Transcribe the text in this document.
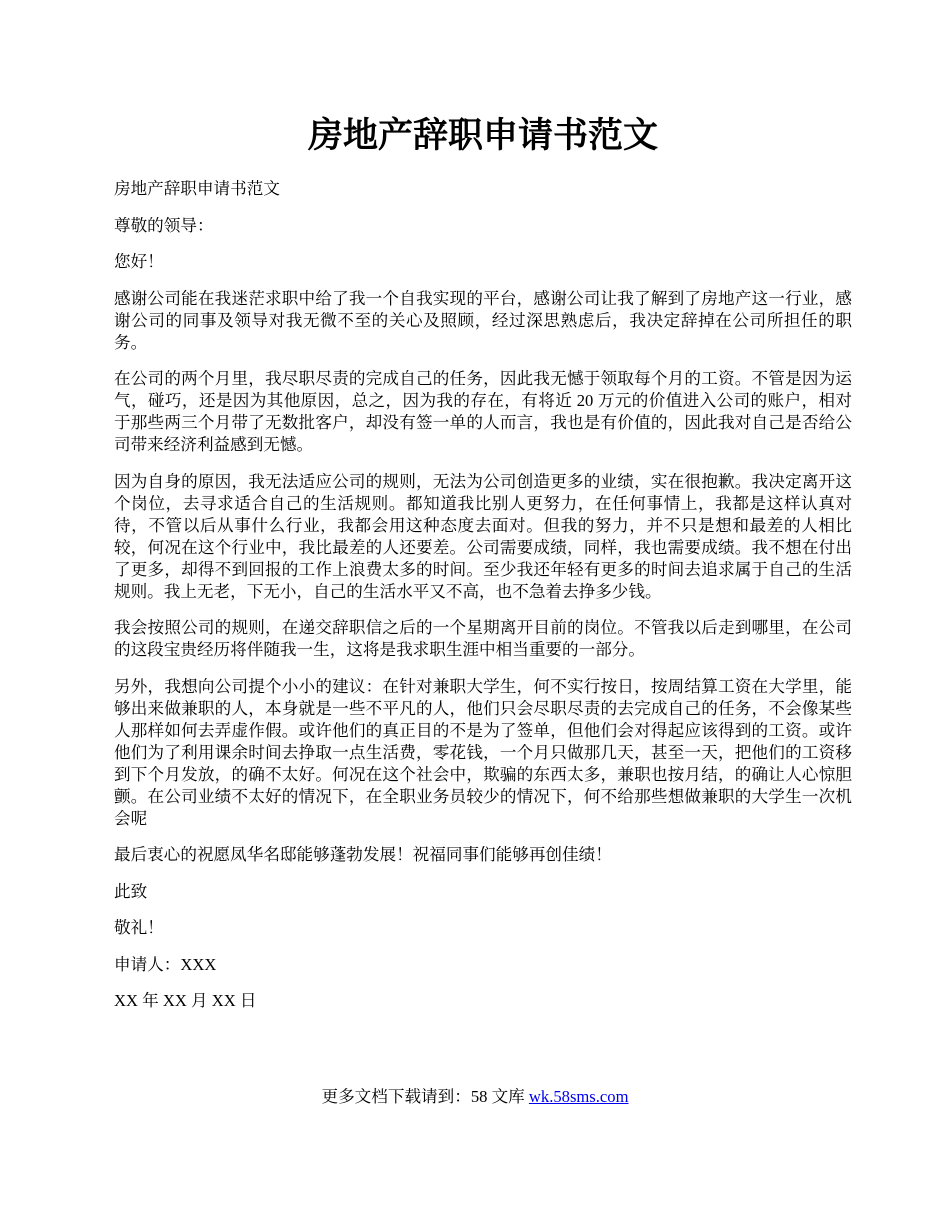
房地产辞职申请书范文

房地产辞职申请书范文

尊敬的领导：

您好！

感谢公司能在我迷茫求职中给了我一个自我实现的平台，感谢公司让我了解到了房地产这一行业，感谢公司的同事及领导对我无微不至的关心及照顾，经过深思熟虑后，我决定辞掉在公司所担任的职务。

在公司的两个月里，我尽职尽责的完成自己的任务，因此我无憾于领取每个月的工资。不管是因为运气，碰巧，还是因为其他原因，总之，因为我的存在，有将近 20 万元的价值进入公司的账户，相对于那些两三个月带了无数批客户，却没有签一单的人而言，我也是有价值的，因此我对自己是否给公司带来经济利益感到无憾。

因为自身的原因，我无法适应公司的规则，无法为公司创造更多的业绩，实在很抱歉。我决定离开这个岗位，去寻求适合自己的生活规则。都知道我比别人更努力，在任何事情上，我都是这样认真对待，不管以后从事什么行业，我都会用这种态度去面对。但我的努力，并不只是想和最差的人相比较，何况在这个行业中，我比最差的人还要差。公司需要成绩，同样，我也需要成绩。我不想在付出了更多，却得不到回报的工作上浪费太多的时间。至少我还年轻有更多的时间去追求属于自己的生活规则。我上无老，下无小，自己的生活水平又不高，也不急着去挣多少钱。

我会按照公司的规则，在递交辞职信之后的一个星期离开目前的岗位。不管我以后走到哪里，在公司的这段宝贵经历将伴随我一生，这将是我求职生涯中相当重要的一部分。

另外，我想向公司提个小小的建议：在针对兼职大学生，何不实行按日，按周结算工资在大学里，能够出来做兼职的人，本身就是一些不平凡的人，他们只会尽职尽责的去完成自己的任务，不会像某些人那样如何去弄虚作假。或许他们的真正目的不是为了签单，但他们会对得起应该得到的工资。或许他们为了利用课余时间去挣取一点生活费，零花钱，一个月只做那几天，甚至一天，把他们的工资移到下个月发放，的确不太好。何况在这个社会中，欺骗的东西太多，兼职也按月结，的确让人心惊胆颤。在公司业绩不太好的情况下，在全职业务员较少的情况下，何不给那些想做兼职的大学生一次机会呢

最后衷心的祝愿凤华名邸能够蓬勃发展！祝福同事们能够再创佳绩！

此致

敬礼！

申请人：XXX

XX 年 XX 月 XX 日

更多文档下载请到：58 文库 wk.58sms.com
